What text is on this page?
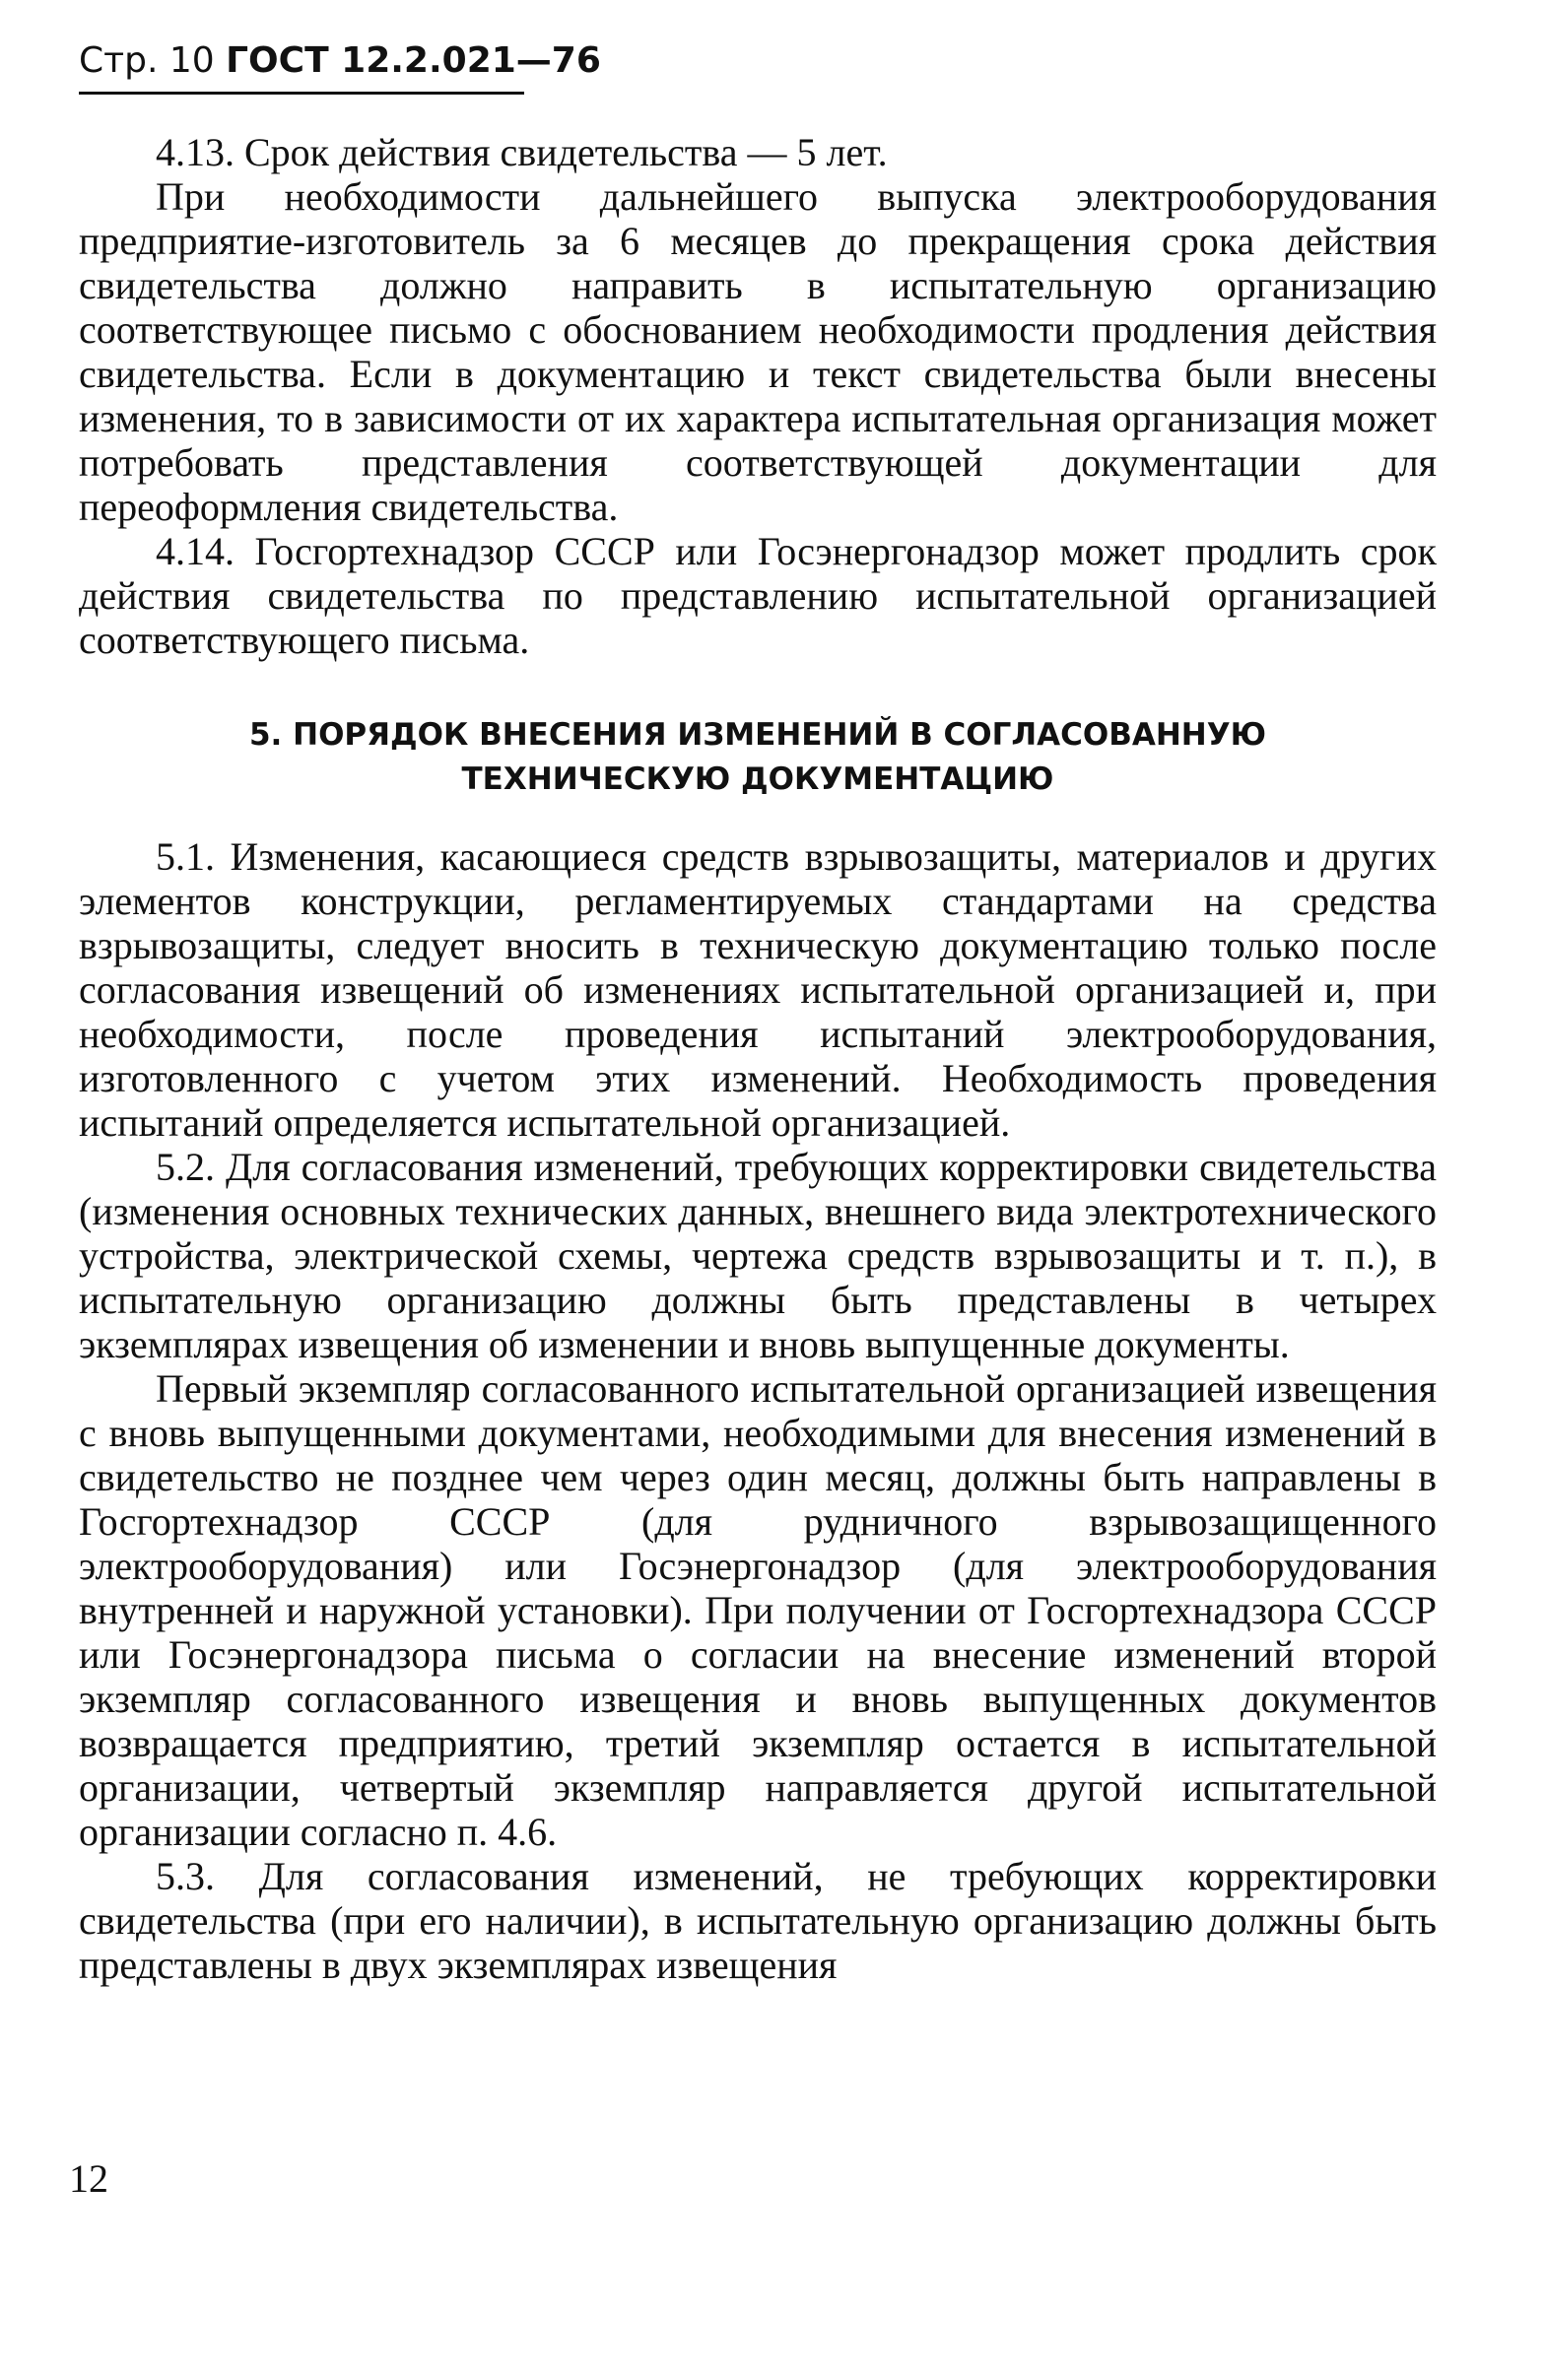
Стр. 10 ГОСТ 12.2.021—76

4.13. Срок действия свидетельства — 5 лет.

При необходимости дальнейшего выпуска электрооборудования предприятие-изготовитель за 6 месяцев до прекращения срока действия свидетельства должно направить в испытательную организацию соответствующее письмо с обоснованием необходимости продления действия свидетельства. Если в документацию и текст свидетельства были внесены изменения, то в зависимости от их характера испытательная организация может потребовать представления соответствующей документации для переоформления свидетельства.

4.14. Госгортехнадзор СССР или Госэнергонадзор может продлить срок действия свидетельства по представлению испытательной организацией соответствующего письма.

5. ПОРЯДОК ВНЕСЕНИЯ ИЗМЕНЕНИЙ В СОГЛАСОВАННУЮ ТЕХНИЧЕСКУЮ ДОКУМЕНТАЦИЮ

5.1. Изменения, касающиеся средств взрывозащиты, материалов и других элементов конструкции, регламентируемых стандартами на средства взрывозащиты, следует вносить в техническую документацию только после согласования извещений об изменениях испытательной организацией и, при необходимости, после проведения испытаний электрооборудования, изготовленного с учетом этих изменений. Необходимость проведения испытаний определяется испытательной организацией.

5.2. Для согласования изменений, требующих корректировки свидетельства (изменения основных технических данных, внешнего вида электротехнического устройства, электрической схемы, чертежа средств взрывозащиты и т. п.), в испытательную организацию должны быть представлены в четырех экземплярах извещения об изменении и вновь выпущенные документы.

Первый экземпляр согласованного испытательной организацией извещения с вновь выпущенными документами, необходимыми для внесения изменений в свидетельство не позднее чем через один месяц, должны быть направлены в Госгортехнадзор СССР (для рудничного взрывозащищенного электрооборудования) или Госэнергонадзор (для электрооборудования внутренней и наружной установки). При получении от Госгортехнадзора СССР или Госэнергонадзора письма о согласии на внесение изменений второй экземпляр согласованного извещения и вновь выпущенных документов возвращается предприятию, третий экземпляр остается в испытательной организации, четвертый экземпляр направляется другой испытательной организации согласно п. 4.6.

5.3. Для согласования изменений, не требующих корректировки свидетельства (при его наличии), в испытательную организацию должны быть представлены в двух экземплярах извещения

12
